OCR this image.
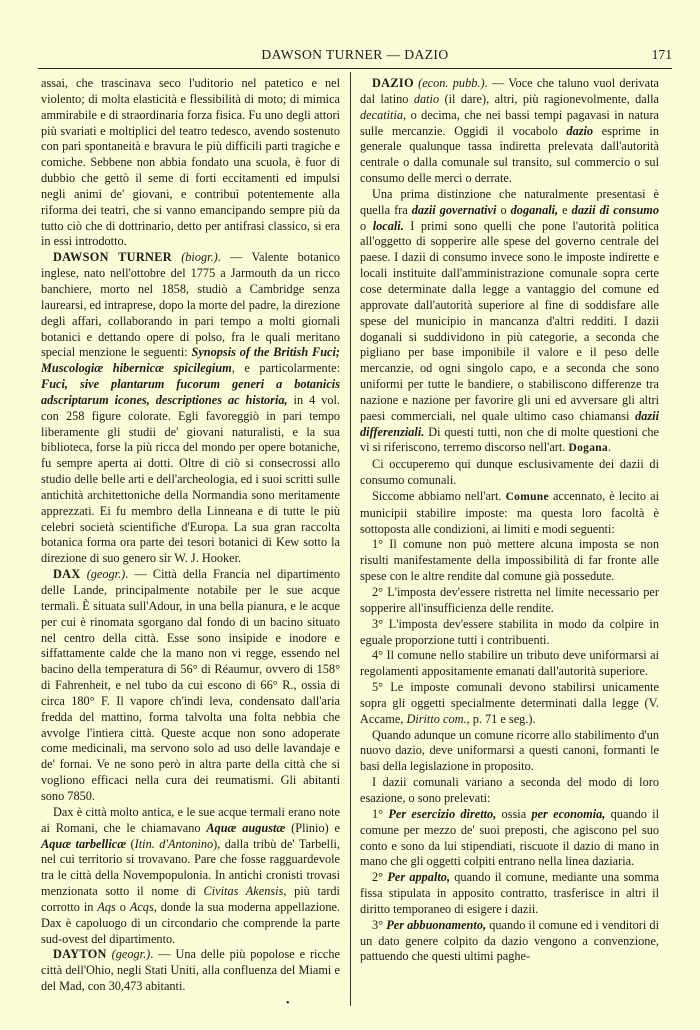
DAWSON TURNER — DAZIO	171

assai, che trascinava seco l'uditorio nel patetico e nel violento; di molta elasticità e flessibilità di moto; di mimica ammirabile e di straordinaria forza fisica. Fu uno degli attori più svariati e moltiplici del teatro tedesco, avendo sostenuto con pari spontaneità e bravura le più difficili parti tragiche e comiche. Sebbene non abbia fondato una scuola, è fuor di dubbio che gettò il seme di forti eccitamenti ed impulsi negli animi de' giovani, e contribuì potentemente alla riforma dei teatri, che si vanno emancipando sempre più da tutto ciò che di dottrinario, detto per antifrasi classico, si era in essi introdotto.

DAWSON TURNER (biogr.). — Valente botanico inglese, nato nell'ottobre del 1775 a Jarmouth da un ricco banchiere, morto nel 1858, studiò a Cambridge senza laurearsi, ed intraprese, dopo la morte del padre, la direzione degli affari, collaborando in pari tempo a molti giornali botanici e dettando opere di polso, fra le quali meritano special menzione le seguenti: Synopsis of the British Fuci; Muscologiæ hibernicæ spicilegium, e particolarmente: Fuci, sive plantarum fucorum generi a botanicis adscriptarum icones, descriptiones ac historia, in 4 vol. con 258 figure colorate. Egli favoreggiò in pari tempo liberamente gli studii de' giovani naturalisti, e la sua biblioteca, forse la più ricca del mondo per opere botaniche, fu sempre aperta ai dotti. Oltre di ciò si consecrossi allo studio delle belle arti e dell'archeologia, ed i suoi scritti sulle antichità architettoniche della Normandia sono meritamente apprezzati. Ei fu membro della Linneana e di tutte le più celebri società scientifiche d'Europa. La sua gran raccolta botanica forma ora parte dei tesori botanici di Kew sotto la direzione di suo genero sir W. J. Hooker.

DAX (geogr.). — Città della Francia nel dipartimento delle Lande, principalmente notabile per le sue acque termali. È situata sull'Adour, in una bella pianura, e le acque per cui è rinomata sgorgano dal fondo di un bacino situato nel centro della città. Esse sono insipide e inodore e siffattamente calde che la mano non vi regge, essendo nel bacino della temperatura di 56° di Réaumur, ovvero di 158° di Fahrenheit, e nel tubo da cui escono di 66° R., ossia di circa 180° F. Il vapore ch'indi leva, condensato dall'aria fredda del mattino, forma talvolta una folta nebbia che avvolge l'intiera città. Queste acque non sono adoperate come medicinali, ma servono solo ad uso delle lavandaje e de' fornai. Ve ne sono però in altra parte della città che si vogliono efficaci nella cura dei reumatismi. Gli abitanti sono 7850.

Dax è città molto antica, e le sue acque termali erano note ai Romani, che le chiamavano Aquæ augustæ (Plinio) e Aquæ tarbellicæ (Itin. d'Antonino), dalla tribù de' Tarbelli, nel cui territorio si trovavano. Pare che fosse ragguardevole tra le città della Novempopulonia. In antichi cronisti trovasi menzionata sotto il nome di Civitas Akensis, più tardi corrotto in Aqs o Acqs, donde la sua moderna appellazione. Dax è capoluogo di un circondario che comprende la parte sud-ovest del dipartimento.

DAYTON (geogr.). — Una delle più popolose e ricche città dell'Ohio, negli Stati Uniti, alla confluenza del Miami e del Mad, con 30,473 abitanti.

DAZIO (econ. pubb.). — Voce che taluno vuol derivata dal latino datio (il dare), altri, più ragionevolmente, dalla decatitia, o decima, che nei bassi tempi pagavasi in natura sulle mercanzie. Oggidì il vocabolo dazio esprime in generale qualunque tassa indiretta prelevata dall'autorità centrale o dalla comunale sul transito, sul commercio o sul consumo delle merci o derrate.

Una prima distinzione che naturalmente presentasi è quella fra dazii governativi o doganali, e dazii di consumo o locali. I primi sono quelli che pone l'autorità politica all'oggetto di sopperire alle spese del governo centrale del paese. I dazii di consumo invece sono le imposte indirette e locali instituite dall'amministrazione comunale sopra certe cose determinate dalla legge a vantaggio del comune ed approvate dall'autorità superiore al fine di soddisfare alle spese del municipio in mancanza d'altri redditi. I dazii doganali si suddividono in più categorie, a seconda che pigliano per base imponibile il valore e il peso delle mercanzie, od ogni singolo capo, e a seconda che sono uniformi per tutte le bandiere, o stabiliscono differenze tra nazione e nazione per favorire gli uni ed avversare gli altri paesi commerciali, nel quale ultimo caso chiamansi dazii differenziali. Di questi tutti, non che di molte questioni che vi si riferiscono, terremo discorso nell'art. Dogana.

Ci occuperemo qui dunque esclusivamente dei dazii di consumo comunali.

Siccome abbiamo nell'art. Comune accennato, è lecito ai municipii stabilire imposte: ma questa loro facoltà è sottoposta alle condizioni, ai limiti e modi seguenti:

1° Il comune non può mettere alcuna imposta se non risulti manifestamente della impossibilità di far fronte alle spese con le altre rendite dal comune già possedute.

2° L'imposta dev'essere ristretta nel limite necessario per sopperire all'insufficienza delle rendite.

3° L'imposta dev'essere stabilita in modo da colpire in eguale proporzione tutti i contribuenti.

4° Il comune nello stabilire un tributo deve uniformarsi ai regolamenti appositamente emanati dall'autorità superiore.

5° Le imposte comunali devono stabilirsi unicamente sopra gli oggetti specialmente determinati dalla legge (V. Accame, Diritto com., p. 71 e seg.).

Quando adunque un comune ricorre allo stabilimento d'un nuovo dazio, deve uniformarsi a questi canoni, formanti le basi della legislazione in proposito.

I dazii comunali variano a seconda del modo di loro esazione, o sono prelevati:

1° Per esercizio diretto, ossia per economia, quando il comune per mezzo de' suoi preposti, che agiscono pel suo conto e sono da lui stipendiati, riscuote il dazio di mano in mano che gli oggetti colpiti entrano nella linea daziaria.

2° Per appalto, quando il comune, mediante una somma fissa stipulata in apposito contratto, trasferisce in altri il diritto temporaneo di esigere i dazii.

3° Per abbuonamento, quando il comune ed i venditori di un dato genere colpito da dazio vengono a convenzione, pattuendo che questi ultimi paghe-

•
